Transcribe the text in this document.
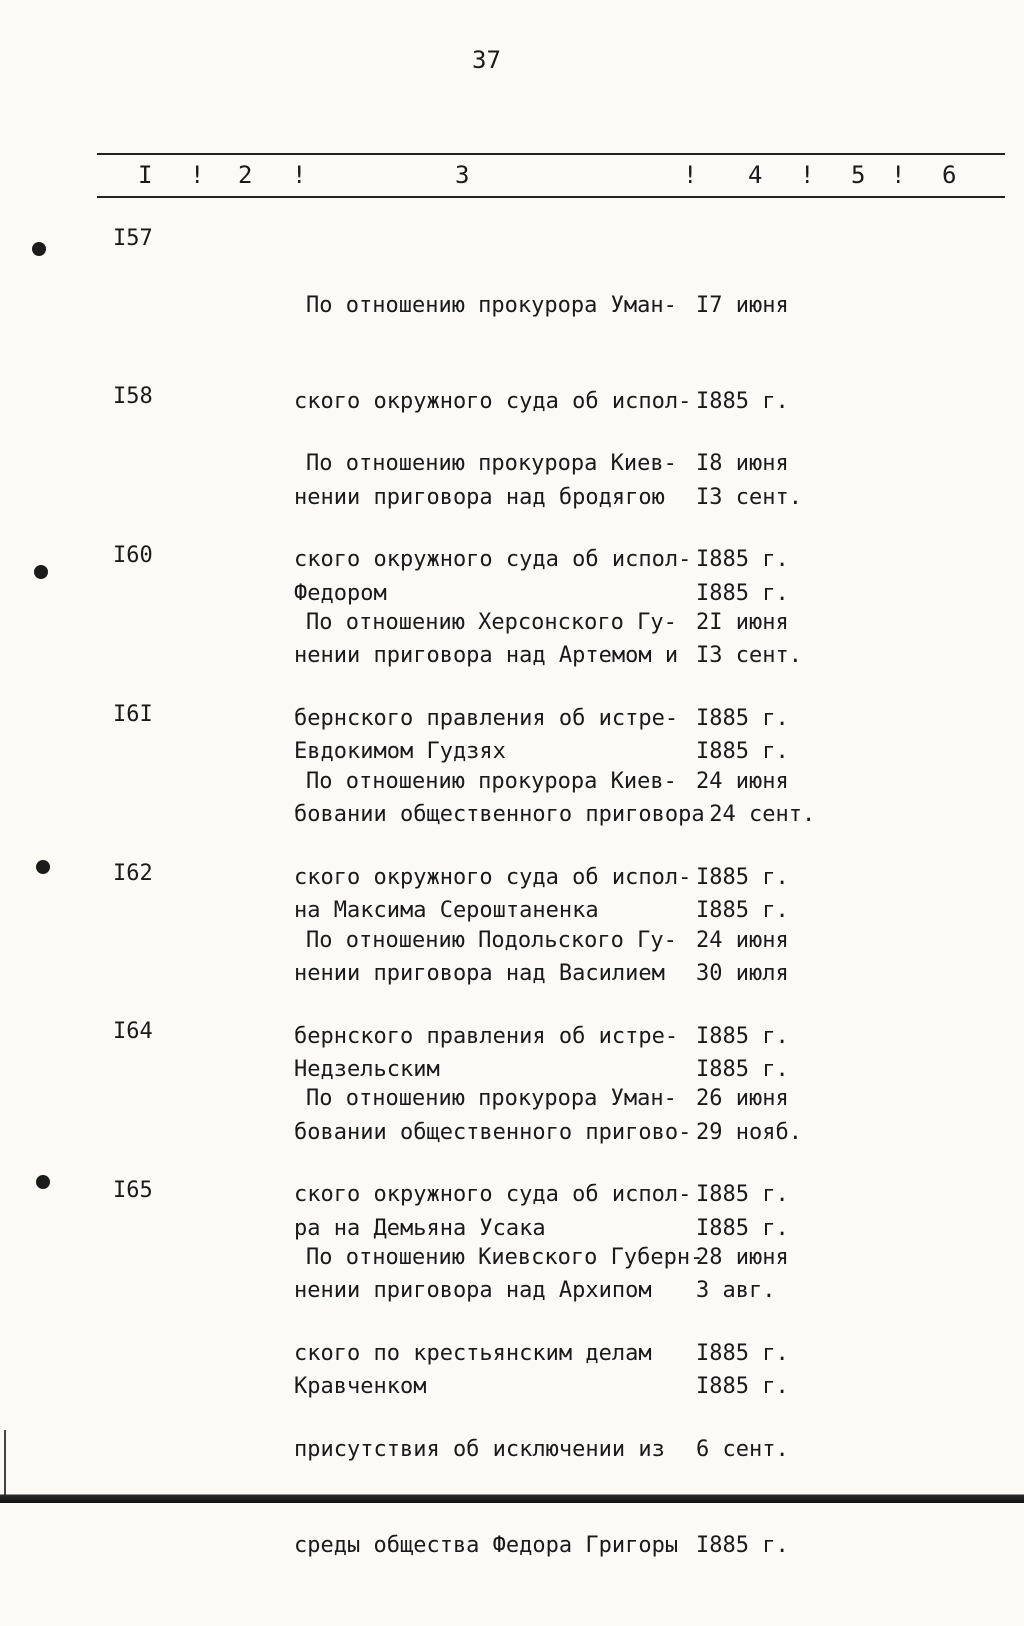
37
I ! 2 !	3	! 4 ! 5 ! 6
I57

По отношению прокурора Уман-

ского окружного суда об испол-

нении приговора над бродягою

Федором

I7 июня

I885 г.

I3 сент.

I885 г.

I58

По отношению прокурора Киев-

ского окружного суда об испол-

нении приговора над Артемом и

Евдокимом Гудзях

I8 июня

I885 г.

I3 сент.

I885 г.

I60

По отношению Херсонского Гу-

бернского правления об истре-

бовании общественного приговора

на Максима Сероштаненка

2I июня

I885 г.

24 сент.

I885 г.

I6I

По отношению прокурора Киев-

ского окружного суда об испол-

нении приговора над Василием

Недзельским

24 июня

I885 г.

30 июля

I885 г.

I62

По отношению Подольского Гу-

бернского правления об истре-

бовании общественного пригово-

ра на Демьяна Усака

24 июня

I885 г.

29 нояб.

I885 г.

I64

По отношению прокурора Уман-

ского окружного суда об испол-

нении приговора над Архипом

Кравченком

26 июня

I885 г.

3 авг.

I885 г.

I65

По отношению Киевского Губерн-

ского по крестьянским делам

присутствия об исключении из

среды общества Федора Григоры

28 июня

I885 г.

6 сент.

I885 г.
